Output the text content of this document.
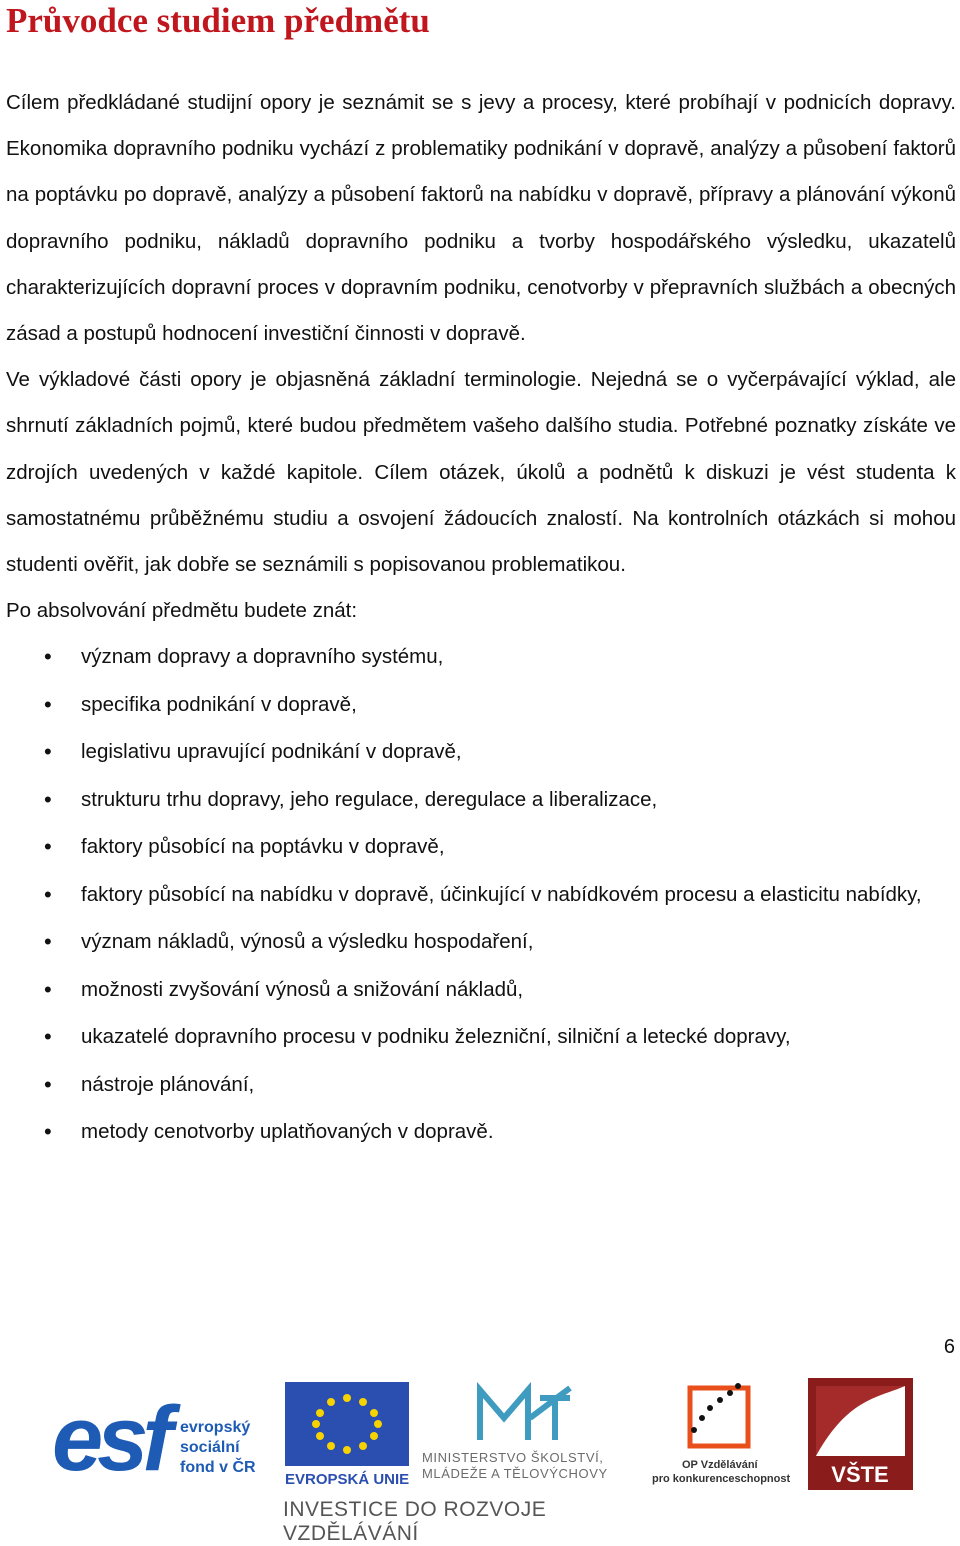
Průvodce studiem předmětu

Cílem předkládané studijní opory je seznámit se s jevy a procesy, které probíhají v podnicích dopravy. Ekonomika dopravního podniku vychází z problematiky podnikání v dopravě, analýzy a působení faktorů na poptávku po dopravě, analýzy a působení faktorů na nabídku v dopravě, přípravy a plánování výkonů dopravního podniku, nákladů dopravního podniku a tvorby hospodářského výsledku, ukazatelů charakterizujících dopravní proces v dopravním podniku, cenotvorby v přepravních službách a obecných zásad a postupů hodnocení investiční činnosti v dopravě.

Ve výkladové části opory je objasněná základní terminologie. Nejedná se o vyčerpávající výklad, ale shrnutí základních pojmů, které budou předmětem vašeho dalšího studia. Potřebné poznatky získáte ve zdrojích uvedených v každé kapitole. Cílem otázek, úkolů a podnětů k diskuzi je vést studenta k samostatnému průběžnému studiu a osvojení žádoucích znalostí. Na kontrolních otázkách si mohou studenti ověřit, jak dobře se seznámili s popisovanou problematikou.

Po absolvování předmětu budete znát:

• význam dopravy a dopravního systému,
• specifika podnikání v dopravě,
• legislativu upravující podnikání v dopravě,
• strukturu trhu dopravy, jeho regulace, deregulace a liberalizace,
• faktory působící na poptávku v dopravě,
• faktory působící na nabídku v dopravě, účinkující v nabídkovém procesu a elasticitu nabídky,
• význam nákladů, výnosů a výsledku hospodaření,
• možnosti zvyšování výnosů a snižování nákladů,
• ukazatelé dopravního procesu v podniku železniční, silniční a letecké dopravy,
• nástroje plánování,
• metody cenotvorby uplatňovaných v dopravě.
6
esf evropský
sociální
fond v ČR
EVROPSKÁ UNIE
MINISTERSTVO ŠKOLSTVÍ,
MLÁDEŽE A TĚLOVÝCHOVY
OP Vzdělávání
pro konkurenceschopnost VŠTE
INVESTICE DO ROZVOJE VZDĚLÁVÁNÍ
